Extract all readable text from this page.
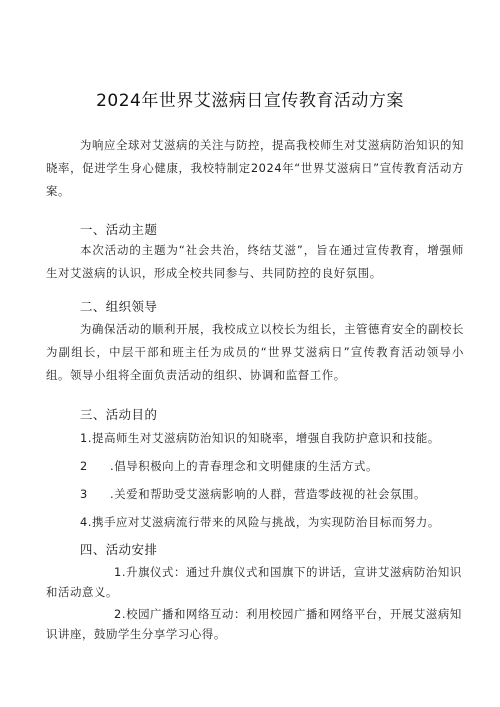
2024年世界艾滋病日宣传教育活动方案

为响应全球对艾滋病的关注与防控，提高我校师生对艾滋病防治知识的知晓率，促进学生身心健康，我校特制定2024年“世界艾滋病日”宣传教育活动方案。

一、活动主题

本次活动的主题为“社会共治，终结艾滋”，旨在通过宣传教育，增强师生对艾滋病的认识，形成全校共同参与、共同防控的良好氛围。

二、组织领导

为确保活动的顺利开展，我校成立以校长为组长，主管德育安全的副校长为副组长，中层干部和班主任为成员的“世界艾滋病日”宣传教育活动领导小组。领导小组将全面负责活动的组织、协调和监督工作。

三、活动目的

1.提高师生对艾滋病防治知识的知晓率，增强自我防护意识和技能。

2 .倡导积极向上的青春理念和文明健康的生活方式。

3 .关爱和帮助受艾滋病影响的人群，营造零歧视的社会氛围。

4.携手应对艾滋病流行带来的风险与挑战，为实现防治目标而努力。

四、活动安排

1.升旗仪式：通过升旗仪式和国旗下的讲话，宣讲艾滋病防治知识和活动意义。

2.校园广播和网络互动：利用校园广播和网络平台，开展艾滋病知识讲座，鼓励学生分享学习心得。
